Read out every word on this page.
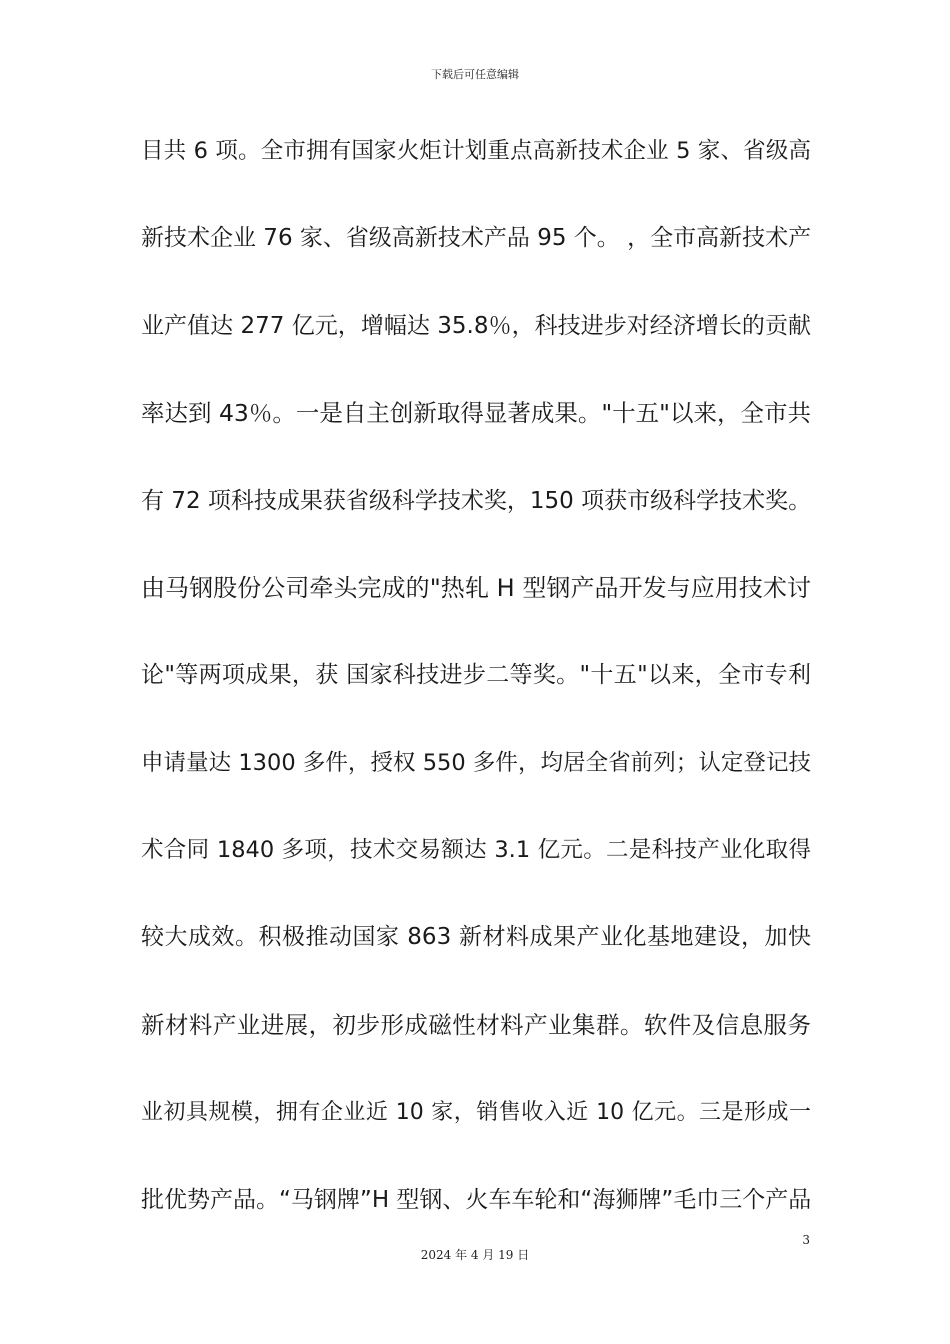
下载后可任意编辑
目共 6 项。全市拥有国家火炬计划重点高新技术企业 5 家、省级高
新技术企业 76 家、省级高新技术产品 95 个。 ，全市高新技术产
业产值达 277 亿元，增幅达 35.8％，科技进步对经济增长的贡献
率达到 43％。一是自主创新取得显著成果。"十五"以来，全市共
有 72 项科技成果获省级科学技术奖，150 项获市级科学技术奖。
由马钢股份公司牵头完成的"热轧 H 型钢产品开发与应用技术讨
论"等两项成果，获 国家科技进步二等奖。"十五"以来，全市专利
申请量达 1300 多件，授权 550 多件，均居全省前列；认定登记技
术合同 1840 多项，技术交易额达 3.1 亿元。二是科技产业化取得
较大成效。积极推动国家 863 新材料成果产业化基地建设，加快
新材料产业进展，初步形成磁性材料产业集群。软件及信息服务
业初具规模，拥有企业近 10 家，销售收入近 10 亿元。三是形成一
批优势产品。“马钢牌”H 型钢、火车车轮和“海狮牌”毛巾三个产品
3
2024 年 4 月 19 日
